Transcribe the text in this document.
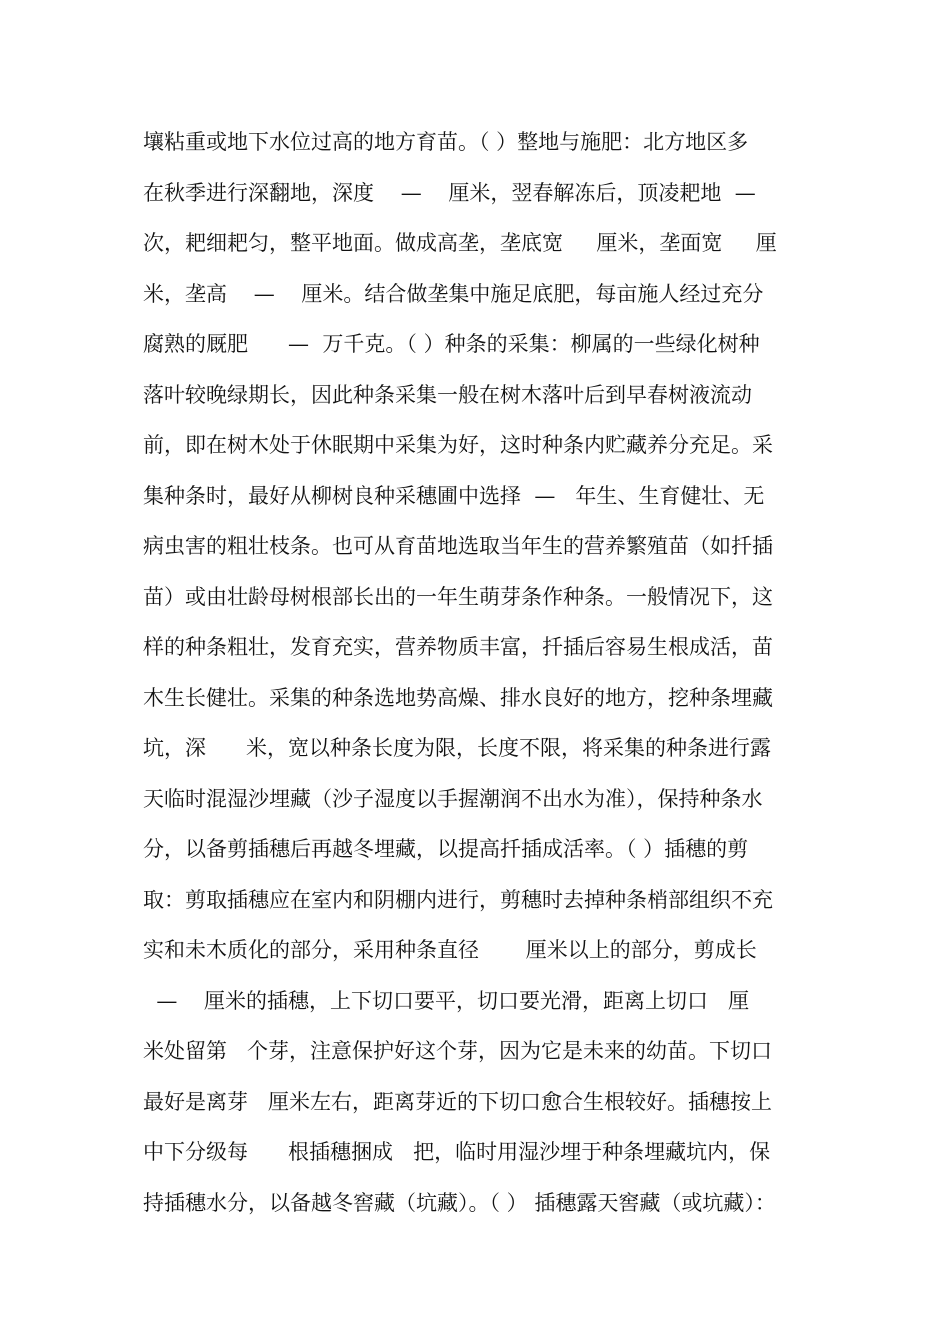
壤粘重或地下水位过高的地方育苗。（ ）整地与施肥：北方地区多
在秋季进行深翻地，深度    —    厘米，翌春解冻后，顶凌耙地  —
次，耙细耙匀，整平地面。做成高垄，垄底宽     厘米，垄面宽     厘
米，垄高    —    厘米。结合做垄集中施足底肥，每亩施人经过充分
腐熟的厩肥      —  万千克。（ ）种条的采集：柳属的一些绿化树种
落叶较晚绿期长，因此种条采集一般在树木落叶后到早春树液流动
前，即在树木处于休眠期中采集为好，这时种条内贮藏养分充足。采
集种条时，最好从柳树良种采穗圃中选择  —   年生、生育健壮、无
病虫害的粗壮枝条。也可从育苗地选取当年生的营养繁殖苗（如扦插
苗）或由壮龄母树根部长出的一年生萌芽条作种条。一般情况下，这
样的种条粗壮，发育充实，营养物质丰富，扦插后容易生根成活，苗
木生长健壮。采集的种条选地势高燥、排水良好的地方，挖种条埋藏
坑，深      米，宽以种条长度为限，长度不限，将采集的种条进行露
天临时混湿沙埋藏（沙子湿度以手握潮润不出水为准），保持种条水
分，以备剪插穗后再越冬埋藏，以提高扦插成活率。（ ）插穗的剪
取：剪取插穗应在室内和阴棚内进行，剪穗时去掉种条梢部组织不充
实和未木质化的部分，采用种条直径       厘米以上的部分，剪成长
—    厘米的插穗，上下切口要平，切口要光滑，距离上切口   厘
米处留第   个芽，注意保护好这个芽，因为它是未来的幼苗。下切口
最好是离芽   厘米左右，距离芽近的下切口愈合生根较好。插穗按上
中下分级每      根插穗捆成   把，临时用湿沙埋于种条埋藏坑内，保
持插穗水分，以备越冬窖藏（坑藏）。（ ） 插穗露天窖藏（或坑藏）：
